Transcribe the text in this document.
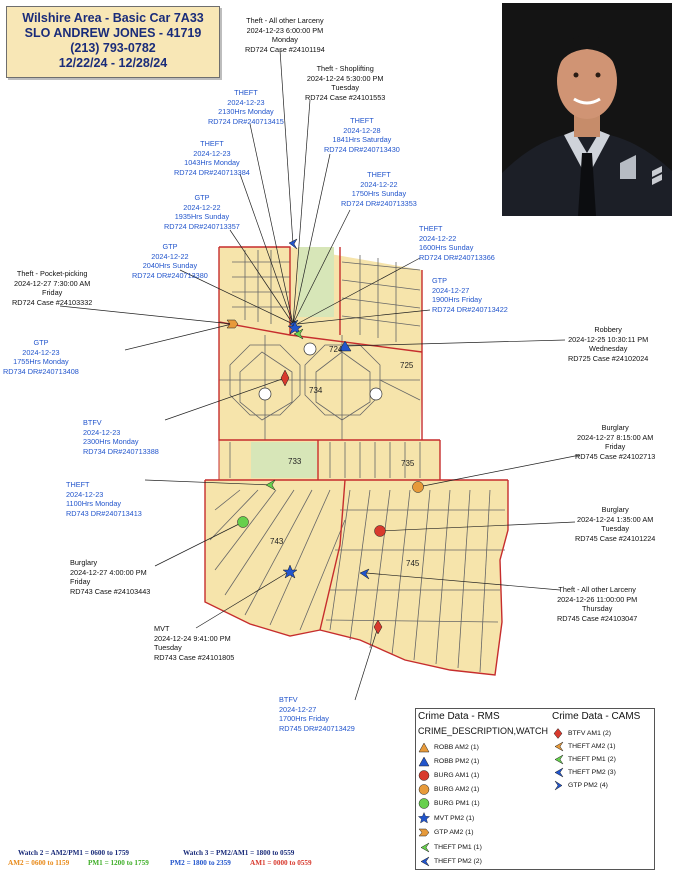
Wilshire Area - Basic Car 7A33
SLO ANDREW JONES - 41719
(213) 793-0782
12/22/24 - 12/28/24
724
725
734
733	735
743
745
Theft - All other Larceny
2024-12-23 6:00:00 PM
Monday
RD724 Case #24101194
Theft - Shoplifting
2024-12-24 5:30:00 PM
Tuesday
RD724 Case #24101553
THEFT
2024-12-23
2130Hrs Monday
RD724 DR#240713415	THEFT
2024-12-28
1841Hrs Saturday
RD724 DR#240713430
THEFT
2024-12-23
1043Hrs Monday
RD724 DR#240713384	THEFT
2024-12-22
1750Hrs Sunday
RD724 DR#240713353
GTP
2024-12-22
1935Hrs Sunday
RD724 DR#240713357	THEFT
2024-12-22
1600Hrs Sunday
RD724 DR#240713366
GTP
2024-12-22
2040Hrs Sunday
RD724 DR#240713380
GTP
2024-12-27
1900Hrs Friday
RD724 DR#240713422
Theft - Pocket-picking
2024-12-27 7:30:00 AM
Friday
RD724 Case #24103332
Robbery
2024-12-25 10:30:11 PM
Wednesday
RD725 Case #24102024
GTP
2024-12-23
1755Hrs Monday
RD734 DR#240713408
BTFV
2024-12-23
2300Hrs Monday
RD734 DR#240713388
Burglary
2024-12-27 8:15:00 AM
Friday
RD745 Case #24102713
THEFT
2024-12-23
1100Hrs Monday
RD743 DR#240713413	Burglary
2024-12-24 1:35:00 AM
Tuesday
RD745 Case #24101224
Burglary
2024-12-27 4:00:00 PM
Friday
RD743 Case #24103443	Theft - All other Larceny
2024-12-26 11:00:00 PM
Thursday
RD745 Case #24103047
MVT
2024-12-24 9:41:00 PM
Tuesday
RD743 Case #24101805
BTFV
2024-12-27
1700Hrs Friday
RD745 DR#240713429
Crime Data - RMS
CRIME_DESCRIPTION,WATCH
Crime Data - CAMS
ROBB AM2 (1)
ROBB PM2 (1)
BURG AM1 (1)
BURG AM2 (1)
BURG PM1 (1)
MVT PM2 (1)
GTP AM2 (1)
THEFT PM1 (1)
THEFT PM2 (2)
BTFV AM1 (2)
THEFT AM2 (1)
THEFT PM1 (2)
THEFT PM2 (3)
GTP PM2 (4)
Watch 2 = AM2/PM1 = 0600 to 1759	Watch 3 = PM2/AM1 = 1800 to 0559
AM2 = 0600 to 1159	PM1 = 1200 to 1759	PM2 = 1800 to 2359	AM1 = 0000 to 0559
